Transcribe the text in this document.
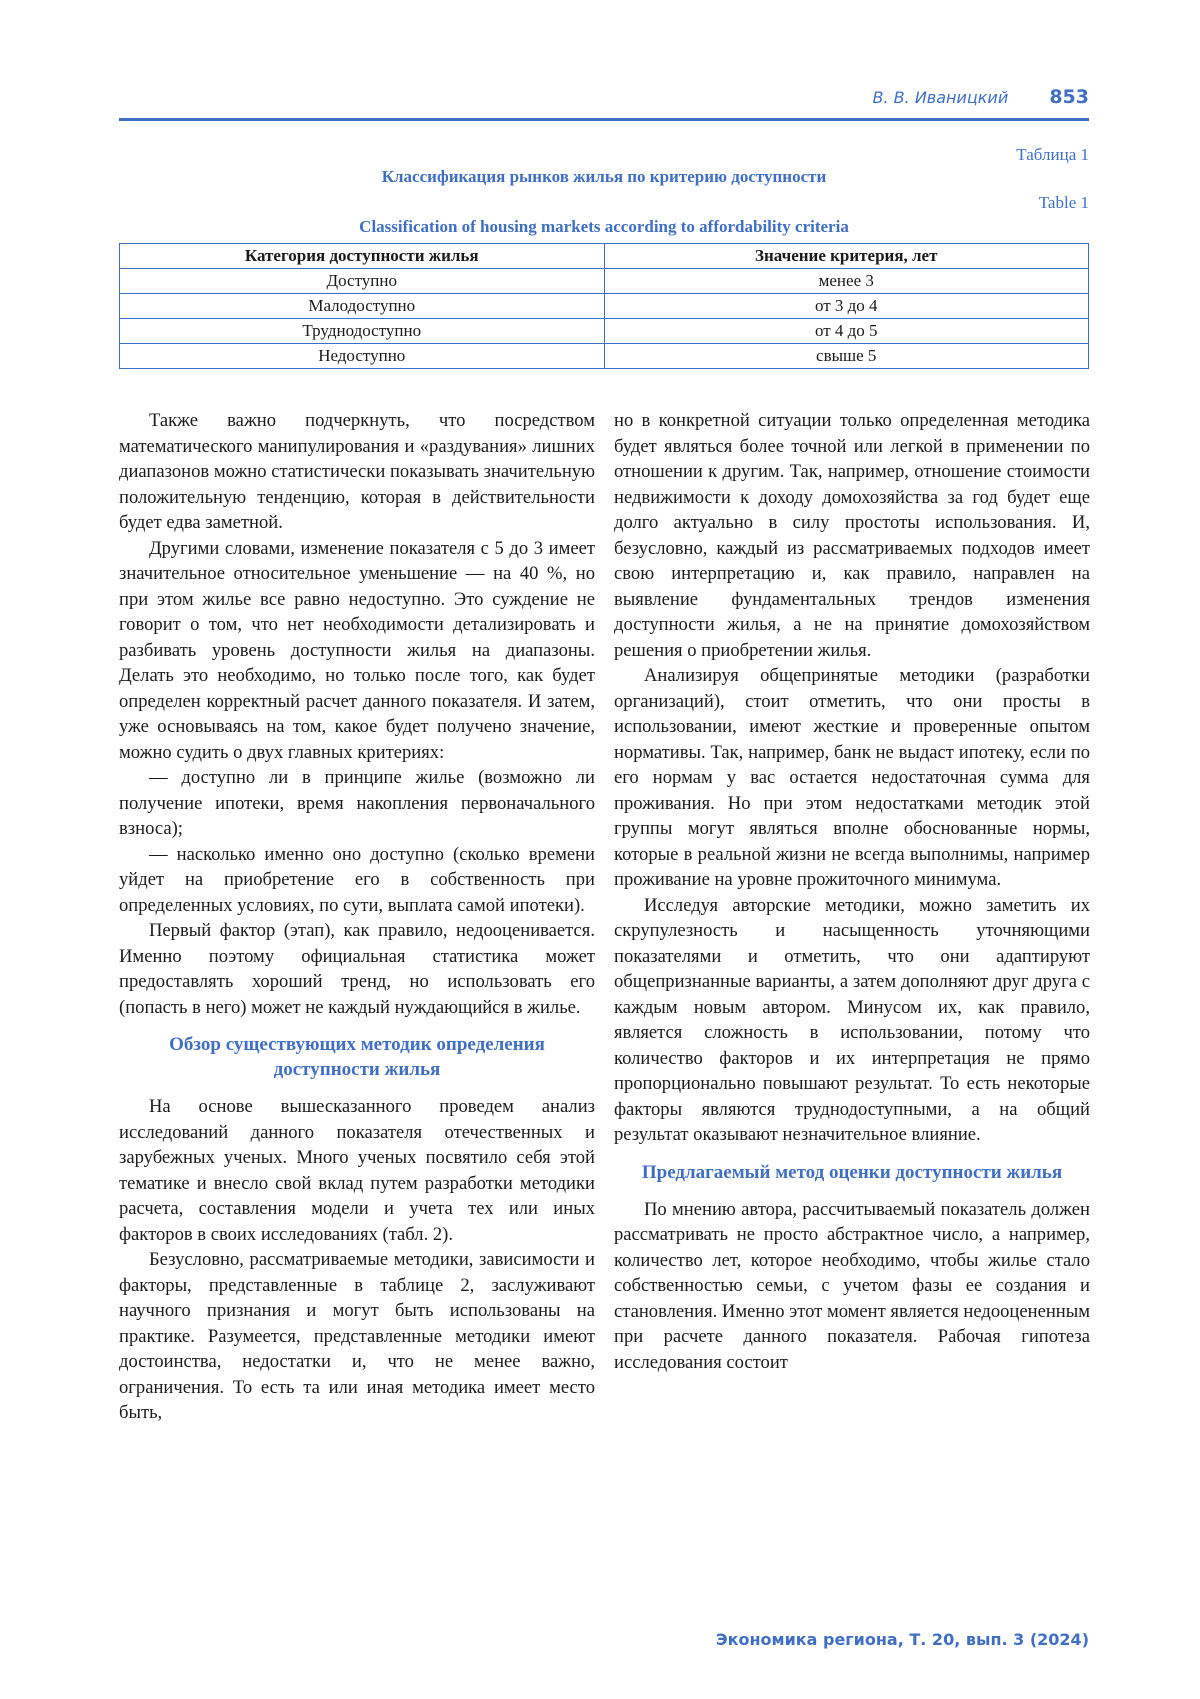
В. В. Иваницкий 853
Таблица 1
Классификация рынков жилья по критерию доступности
Table 1
Classification of housing markets according to affordability criteria
Категория доступности жилья	Значение критерия, лет
Доступно	менее 3
Малодоступно	от 3 до 4
Труднодоступно	от 4 до 5
Недоступно	свыше 5

Также важно подчеркнуть, что посредством математического манипулирования и «раздувания» лишних диапазонов можно статистически показывать значительную положительную тенденцию, которая в действительности будет едва заметной.

Другими словами, изменение показателя с 5 до 3 имеет значительное относительное уменьшение — на 40 %, но при этом жилье все равно недоступно. Это суждение не говорит о том, что нет необходимости детализировать и разбивать уровень доступности жилья на диапазоны. Делать это необходимо, но только после того, как будет определен корректный расчет данного показателя. И затем, уже основываясь на том, какое будет получено значение, можно судить о двух главных критериях:

— доступно ли в принципе жилье (возможно ли получение ипотеки, время накопления первоначального взноса);

— насколько именно оно доступно (сколько времени уйдет на приобретение его в собственность при определенных условиях, по сути, выплата самой ипотеки).

Первый фактор (этап), как правило, недооценивается. Именно поэтому официальная статистика может предоставлять хороший тренд, но использовать его (попасть в него) может не каждый нуждающийся в жилье.

Обзор существующих методик определения доступности жилья

На основе вышесказанного проведем анализ исследований данного показателя отечественных и зарубежных ученых. Много ученых посвятило себя этой тематике и внесло свой вклад путем разработки методики расчета, составления модели и учета тех или иных факторов в своих исследованиях (табл. 2).

Безусловно, рассматриваемые методики, зависимости и факторы, представленные в таблице 2, заслуживают научного признания и могут быть использованы на практике. Разумеется, представленные методики имеют достоинства, недостатки и, что не менее важно, ограничения. То есть та или иная методика имеет место быть,

но в конкретной ситуации только определенная методика будет являться более точной или легкой в применении по отношении к другим. Так, например, отношение стоимости недвижимости к доходу домохозяйства за год будет еще долго актуально в силу простоты использования. И, безусловно, каждый из рассматриваемых подходов имеет свою интерпретацию и, как правило, направлен на выявление фундаментальных трендов изменения доступности жилья, а не на принятие домохозяйством решения о приобретении жилья.

Анализируя общепринятые методики (разработки организаций), стоит отметить, что они просты в использовании, имеют жесткие и проверенные опытом нормативы. Так, например, банк не выдаст ипотеку, если по его нормам у вас остается недостаточная сумма для проживания. Но при этом недостатками методик этой группы могут являться вполне обоснованные нормы, которые в реальной жизни не всегда выполнимы, например проживание на уровне прожиточного минимума.

Исследуя авторские методики, можно заметить их скрупулезность и насыщенность уточняющими показателями и отметить, что они адаптируют общепризнанные варианты, а затем дополняют друг друга с каждым новым автором. Минусом их, как правило, является сложность в использовании, потому что количество факторов и их интерпретация не прямо пропорционально повышают результат. То есть некоторые факторы являются труднодоступными, а на общий результат оказывают незначительное влияние.

Предлагаемый метод оценки доступности жилья

По мнению автора, рассчитываемый показатель должен рассматривать не просто абстрактное число, а например, количество лет, которое необходимо, чтобы жилье стало собственностью семьи, с учетом фазы ее создания и становления. Именно этот момент является недооцененным при расчете данного показателя. Рабочая гипотеза исследования состоит

Экономика региона, Т. 20, вып. 3 (2024)
